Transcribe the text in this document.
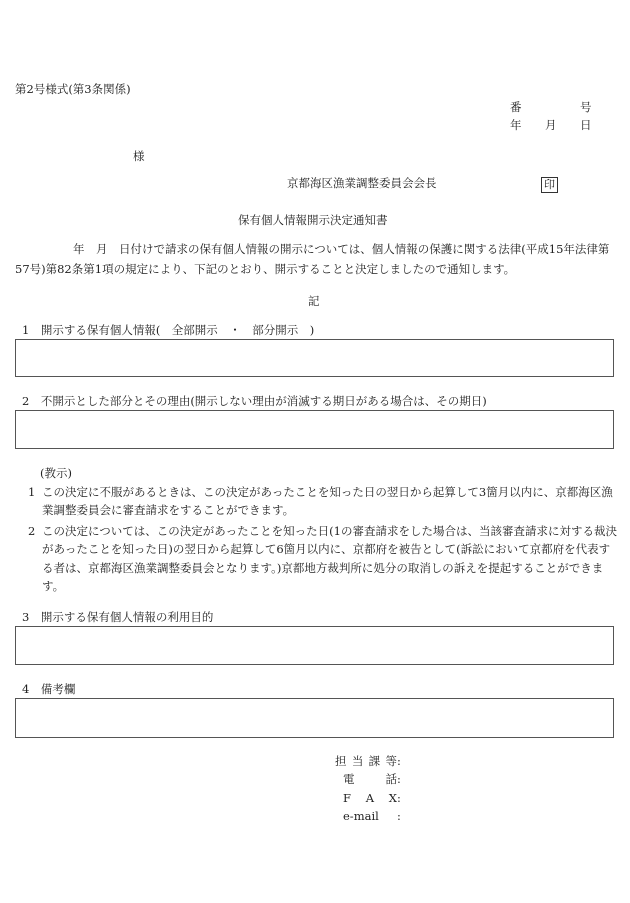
第2号様式(第3条関係)
番	号
年 月 日
様
京都海区漁業調整委員会会長	印
保有個人情報開示決定通知書
年　月　日付けで請求の保有個人情報の開示については、個人情報の保護に関する法律(平成15年法律第
57号)第82条第1項の規定により、下記のとおり、開示することと決定しましたので通知します。
記
1　開示する保有個人情報(　全部開示　・　部分開示　)
2　不開示とした部分とその理由(開示しない理由が消滅する期日がある場合は、その期日)
(教示)
1 この決定に不服があるときは、この決定があったことを知った日の翌日から起算して3箇月以内に、京都海区漁業調整委員会に審査請求をすることができます。
2 この決定については、この決定があったことを知った日(1の審査請求をした場合は、当該審査請求に対する裁決があったことを知った日)の翌日から起算して6箇月以内に、京都府を被告として(訴訟において京都府を代表する者は、京都海区漁業調整委員会となります。)京都地方裁判所に処分の取消しの訴えを提起することができます。
3　開示する保有個人情報の利用目的
4　備考欄
担当課等 :
電　話 :
F A X :
e-mail	:
